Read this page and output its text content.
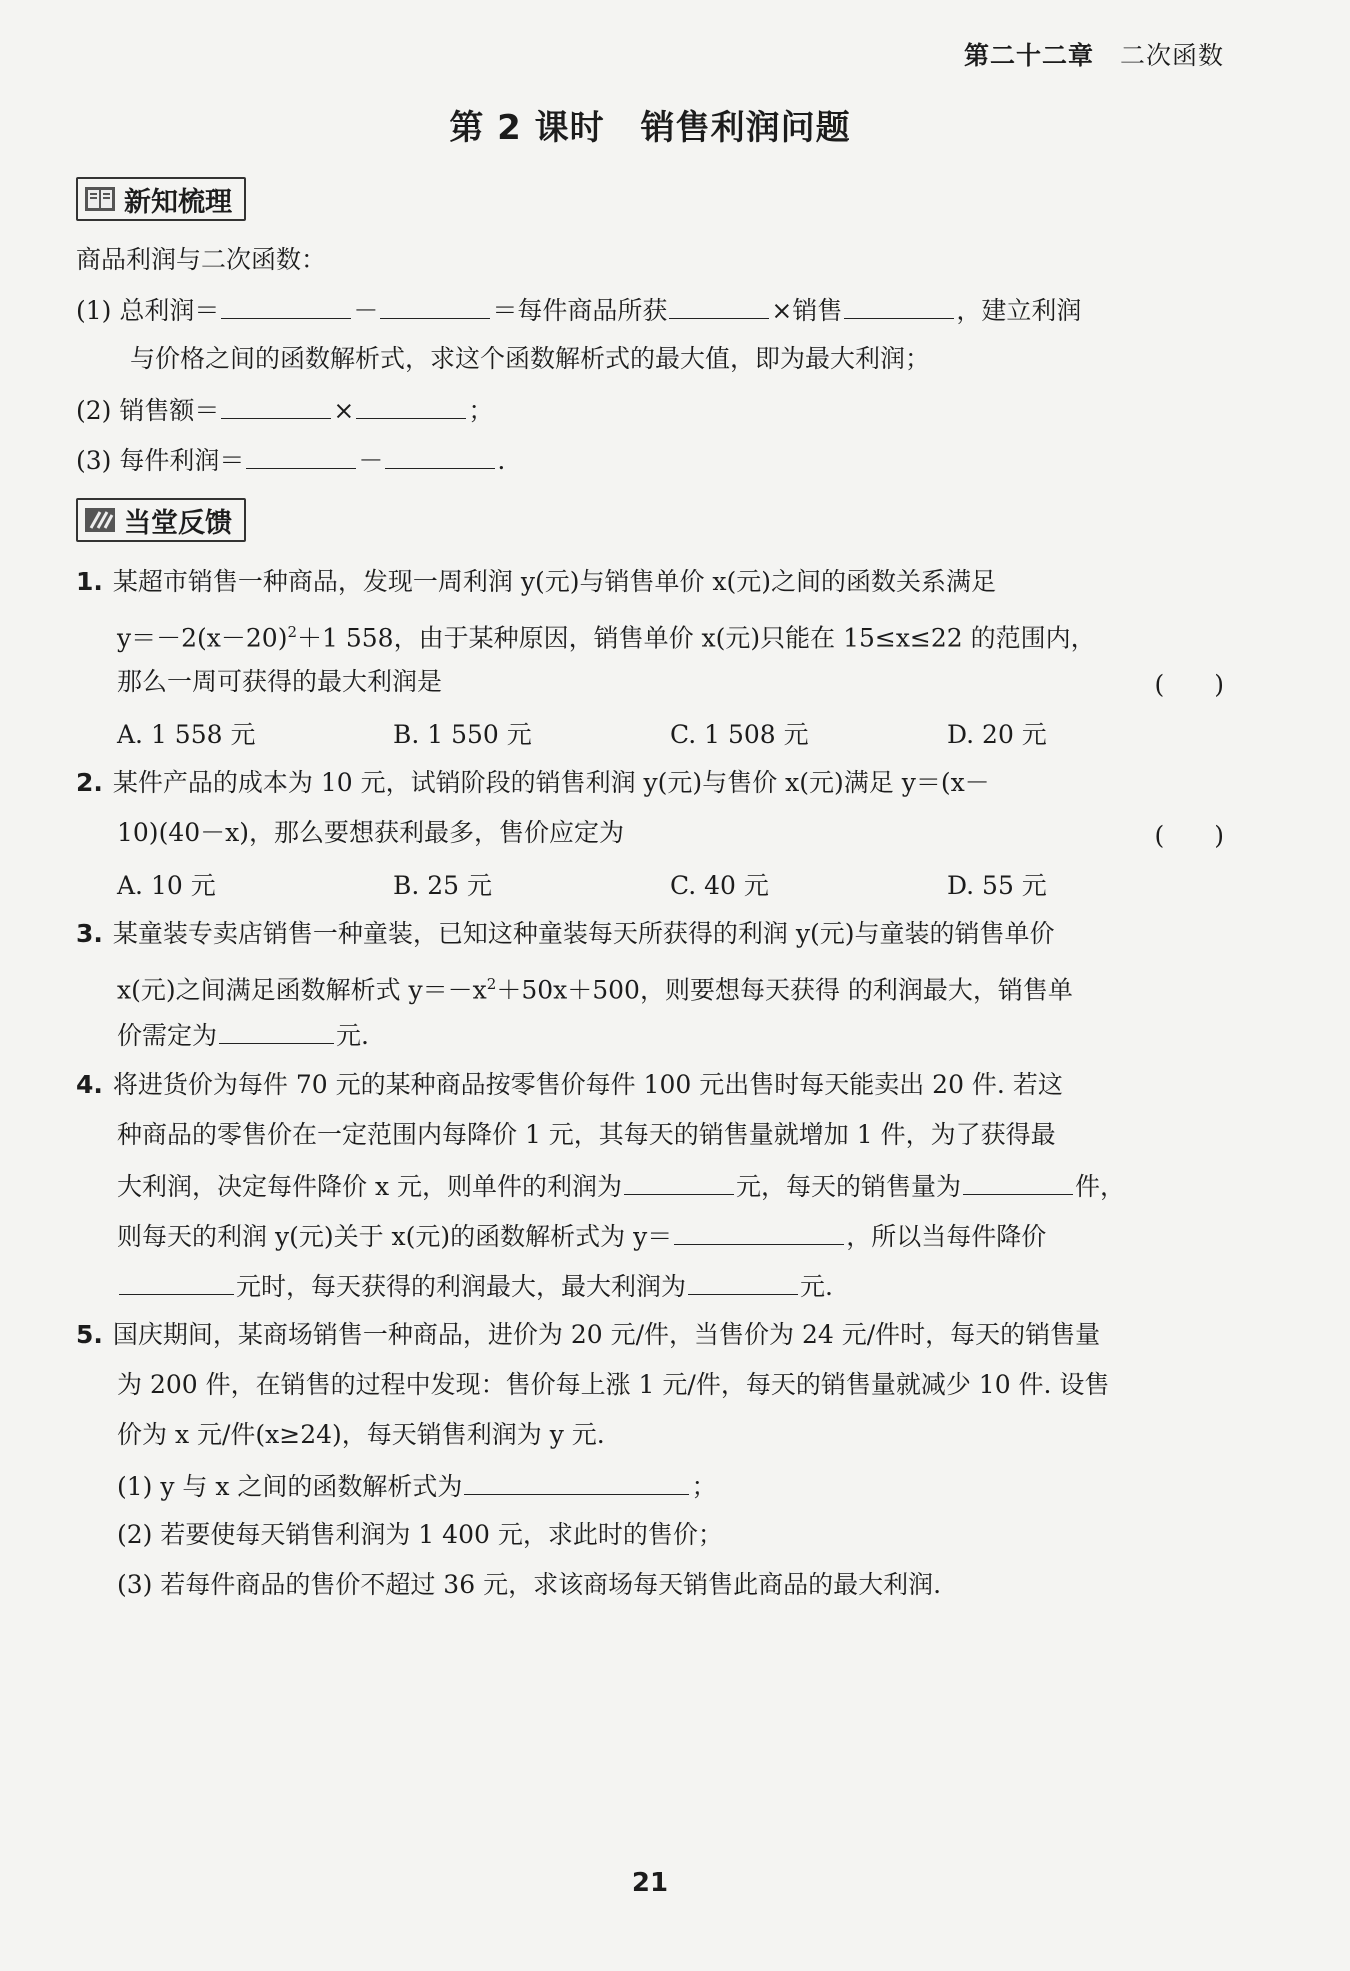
第二十二章 二次函数
第 2 课时 销售利润问题
新知梳理
商品利润与二次函数：
(1) 总利润＝	－	＝每件商品所获	×销售	，建立利润
与价格之间的函数解析式，求这个函数解析式的最大值，即为最大利润；
(2) 销售额＝	×	；
(3) 每件利润＝	－	.
当堂反馈
1. 某超市销售一种商品，发现一周利润 y(元)与销售单价 x(元)之间的函数关系满足
$y=-2(x-20)^2+1$ 558，由于某种原因，销售单价 x(元)只能在 15≤x≤22 的范围内，
那么一周可获得的最大利润是	(　　)
A. 1 558 元	B. 1 550 元	C. 1 508 元	D. 20 元
2. 某件产品的成本为 10 元，试销阶段的销售利润 y(元)与售价 x(元)满足 y＝(x－
10)(40－x)，那么要想获利最多，售价应定为	(　　)
A. 10 元	B. 25 元	C. 40 元	D. 55 元
3. 某童装专卖店销售一种童装，已知这种童装每天所获得的利润 y(元)与童装的销售单价
x(元)之间满足函数解析式 $y=-x^2+50x+500$，则要想每天获得 的利润最大，销售单
价需定为	元.
4. 将进货价为每件 70 元的某种商品按零售价每件 100 元出售时每天能卖出 20 件. 若这
种商品的零售价在一定范围内每降价 1 元，其每天的销售量就增加 1 件，为了获得最
大利润，决定每件降价 x 元，则单件的利润为	元，每天的销售量为	件，
则每天的利润 y(元)关于 x(元)的函数解析式为 y＝	，所以当每件降价
元时，每天获得的利润最大，最大利润为	元.
5. 国庆期间，某商场销售一种商品，进价为 20 元/件，当售价为 24 元/件时，每天的销售量
为 200 件，在销售的过程中发现：售价每上涨 1 元/件，每天的销售量就减少 10 件. 设售
价为 x 元/件(x≥24)，每天销售利润为 y 元.
(1) y 与 x 之间的函数解析式为	；
(2) 若要使每天销售利润为 1 400 元，求此时的售价；
(3) 若每件商品的售价不超过 36 元，求该商场每天销售此商品的最大利润.
21
